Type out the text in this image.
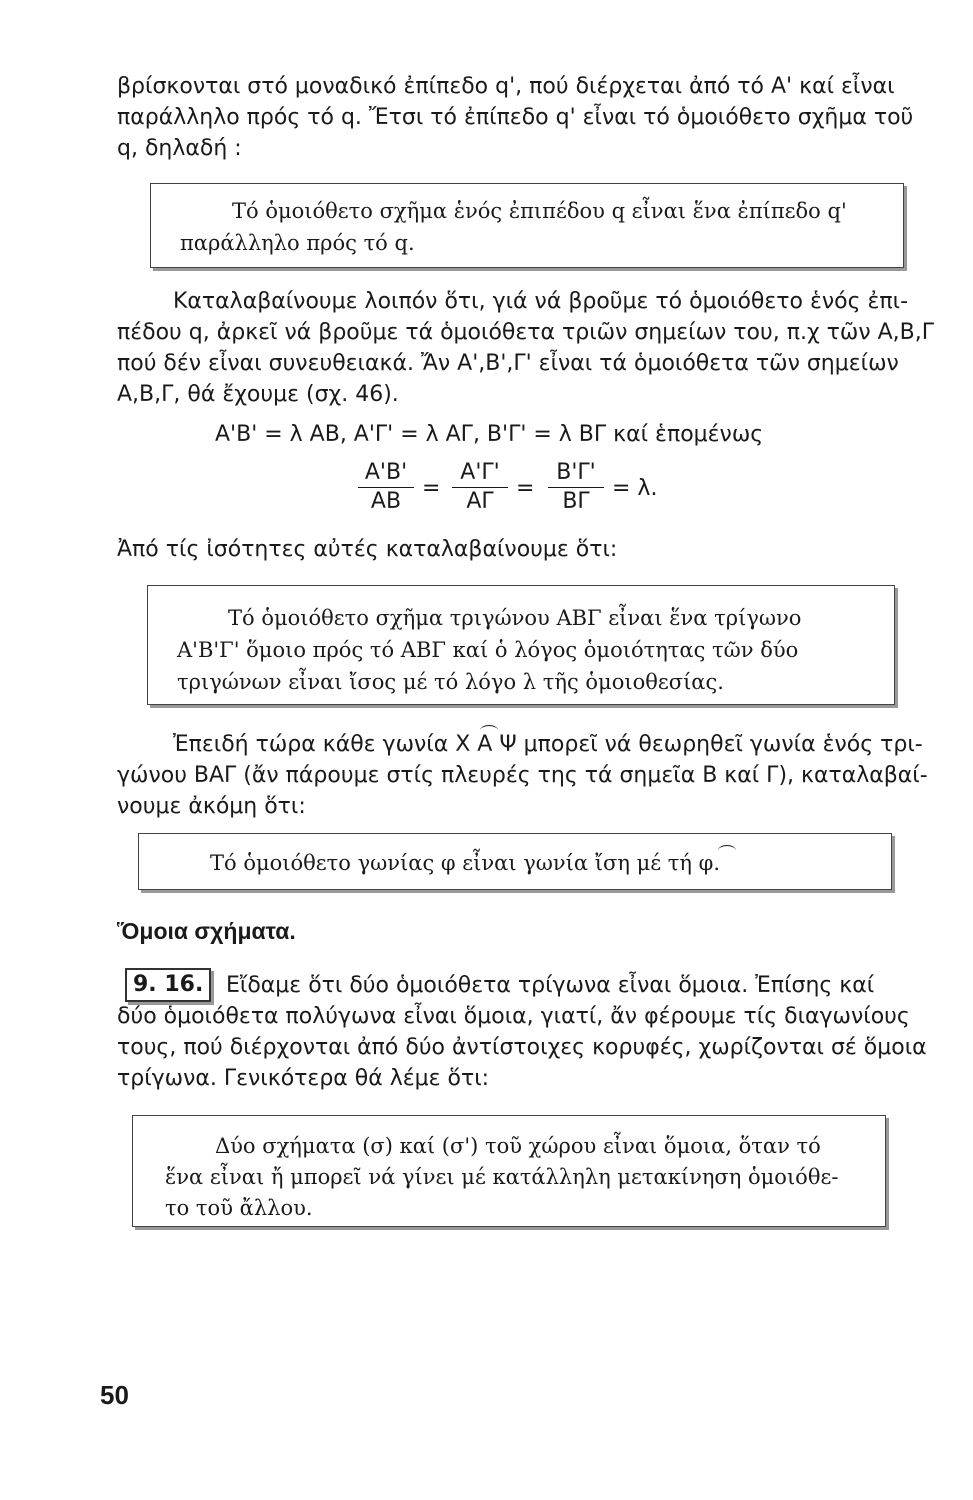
βρίσκονται στό μοναδικό ἐπίπεδο q', πού διέρχεται ἀπό τό Α' καί εἶναι
παράλληλο πρός τό q. Ἔτσι τό ἐπίπεδο q' εἶναι τό ὁμοιόθετο σχῆμα τοῦ
q, δηλαδή :
Τό ὁμοιόθετο σχῆμα ἑνός ἐπιπέδου q εἶναι ἕνα ἐπίπεδο q'
παράλληλο πρός τό q.
Καταλαβαίνουμε λοιπόν ὅτι, γιά νά βροῦμε τό ὁμοιόθετο ἑνός ἐπι-
πέδου q, ἀρκεῖ νά βροῦμε τά ὁμοιόθετα τριῶν σημείων του, π.χ τῶν Α,Β,Γ
πού δέν εἶναι συνευθειακά. Ἄν Α',Β',Γ' εἶναι τά ὁμοιόθετα τῶν σημείων
Α,Β,Γ, θά ἔχουμε (σχ. 46).
Α'Β' = λ ΑΒ, Α'Γ' = λ ΑΓ, Β'Γ' = λ ΒΓ καί ἑπομένως
Α'Β'
ΑΒ
=
Α'Γ'
ΑΓ
=
Β'Γ'
ΒΓ
= λ.
Ἀπό τίς ἰσότητες αὐτές καταλαβαίνουμε ὅτι:
Τό ὁμοιόθετο σχῆμα τριγώνου ΑΒΓ εἶναι ἕνα τρίγωνο
Α'Β'Γ' ὅμοιο πρός τό ΑΒΓ καί ὁ λόγος ὁμοιότητας τῶν δύο
τριγώνων εἶναι ἴσος μέ τό λόγο λ τῆς ὁμοιοθεσίας.
Ἐπειδή τώρα κάθε γωνία Χ Α Ψ μπορεῖ νά θεωρηθεῖ γωνία ἑνός τρι-
γώνου ΒΑΓ (ἄν πάρουμε στίς πλευρές της τά σημεῖα Β καί Γ), καταλαβαί-
νουμε ἀκόμη ὅτι:
Τό ὁμοιόθετο γωνίας φ εἶναι γωνία ἴση μέ τή φ.
Ὅμοια σχήματα.
9. 16.	Εἴδαμε ὅτι δύο ὁμοιόθετα τρίγωνα εἶναι ὅμοια. Ἐπίσης καί
δύο ὁμοιόθετα πολύγωνα εἶναι ὅμοια, γιατί, ἄν φέρουμε τίς διαγωνίους
τους, πού διέρχονται ἀπό δύο ἀντίστοιχες κορυφές, χωρίζονται σέ ὅμοια
τρίγωνα. Γενικότερα θά λέμε ὅτι:
Δύο σχήματα (σ) καί (σ') τοῦ χώρου εἶναι ὅμοια, ὅταν τό
ἕνα εἶναι ἤ μπορεῖ νά γίνει μέ κατάλληλη μετακίνηση ὁμοιόθε-
το τοῦ ἄλλου.
50
